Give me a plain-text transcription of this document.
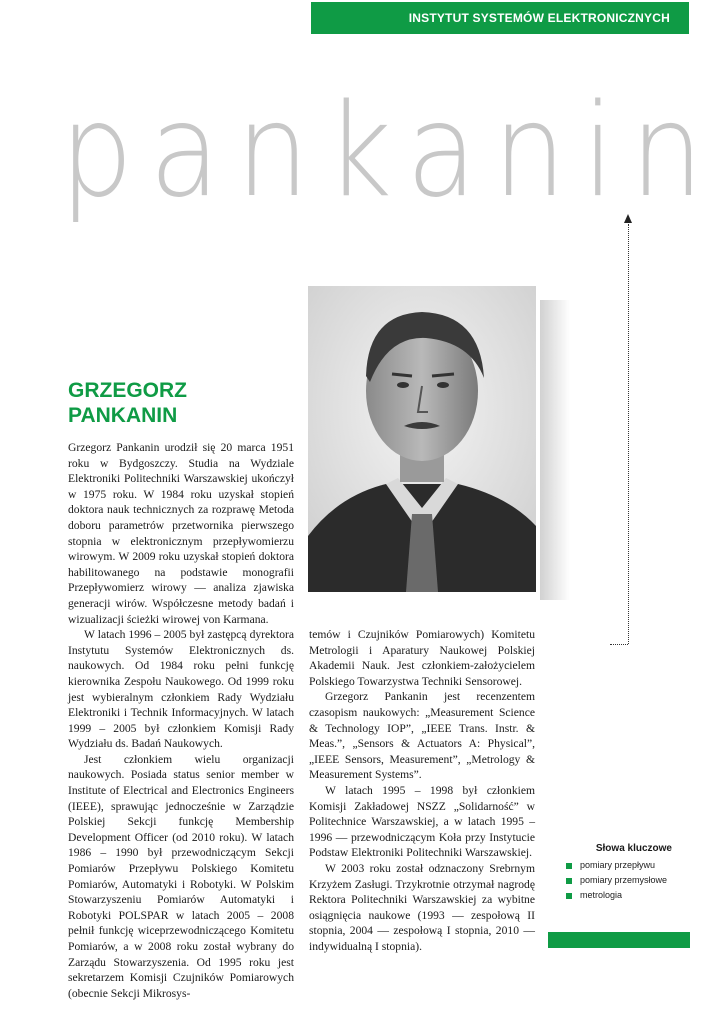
INSTYTUT SYSTEMÓW ELEKTRONICZNYCH
pankanin
GRZEGORZ
PANKANIN

Grzegorz Pankanin urodził się 20 marca 1951 roku w Bydgoszczy. Studia na Wydziale Elektroniki Politechniki Warszawskiej ukończył w 1975 roku. W 1984 roku uzyskał stopień doktora nauk technicznych za rozprawę Metoda doboru parametrów przetwornika pierwszego stopnia w elektronicznym przepływomierzu wirowym. W 2009 roku uzyskał stopień doktora habilitowanego na podstawie monografii Przepływomierz wirowy — analiza zjawiska generacji wirów. Współczesne metody badań i wizualizacji ścieżki wirowej von Karmana.

W latach 1996 – 2005 był zastępcą dyrektora Instytutu Systemów Elektronicznych ds. naukowych. Od 1984 roku pełni funkcję kierownika Zespołu Naukowego. Od 1999 roku jest wybieralnym członkiem Rady Wydziału Elektroniki i Technik Informacyjnych. W latach 1999 – 2005 był członkiem Komisji Rady Wydziału ds. Badań Naukowych.

Jest członkiem wielu organizacji naukowych. Posiada status senior member w Institute of Electrical and Electronics Engineers (IEEE), sprawując jednocześnie w Zarządzie Polskiej Sekcji funkcję Membership Development Officer (od 2010 roku). W latach 1986 – 1990 był przewodniczącym Sekcji Pomiarów Przepływu Polskiego Komitetu Pomiarów, Automatyki i Robotyki. W Polskim Stowarzyszeniu Pomiarów Automatyki i Robotyki POLSPAR w latach 2005 – 2008 pełnił funkcję wiceprzewodniczącego Komitetu Pomiarów, a w 2008 roku został wybrany do Zarządu Stowarzyszenia. Od 1995 roku jest sekretarzem Komisji Czujników Pomiarowych (obecnie Sekcji Mikrosys-

temów i Czujników Pomiarowych) Komitetu Metrologii i Aparatury Naukowej Polskiej Akademii Nauk. Jest członkiem-założycielem Polskiego Towarzystwa Techniki Sensorowej.

Grzegorz Pankanin jest recenzentem czasopism naukowych: „Measurement Science & Technology IOP”, „IEEE Trans. Instr. & Meas.”, „Sensors & Actuators A: Physical”, „IEEE Sensors, Measurement”, „Metrology & Measurement Systems”.

W latach 1995 – 1998 był członkiem Komisji Zakładowej NSZZ „Solidarność” w Politechnice Warszawskiej, a w latach 1995 – 1996 — przewodniczącym Koła przy Instytucie Podstaw Elektroniki Politechniki Warszawskiej.

W 2003 roku został odznaczony Srebrnym Krzyżem Zasługi. Trzykrotnie otrzymał nagrodę Rektora Politechniki Warszawskiej za wybitne osiągnięcia naukowe (1993 — zespołową II stopnia, 2004 — zespołową I stopnia, 2010 — indywidualną I stopnia).

Słowa kluczowe
pomiary przepływu
pomiary przemysłowe
metrologia
